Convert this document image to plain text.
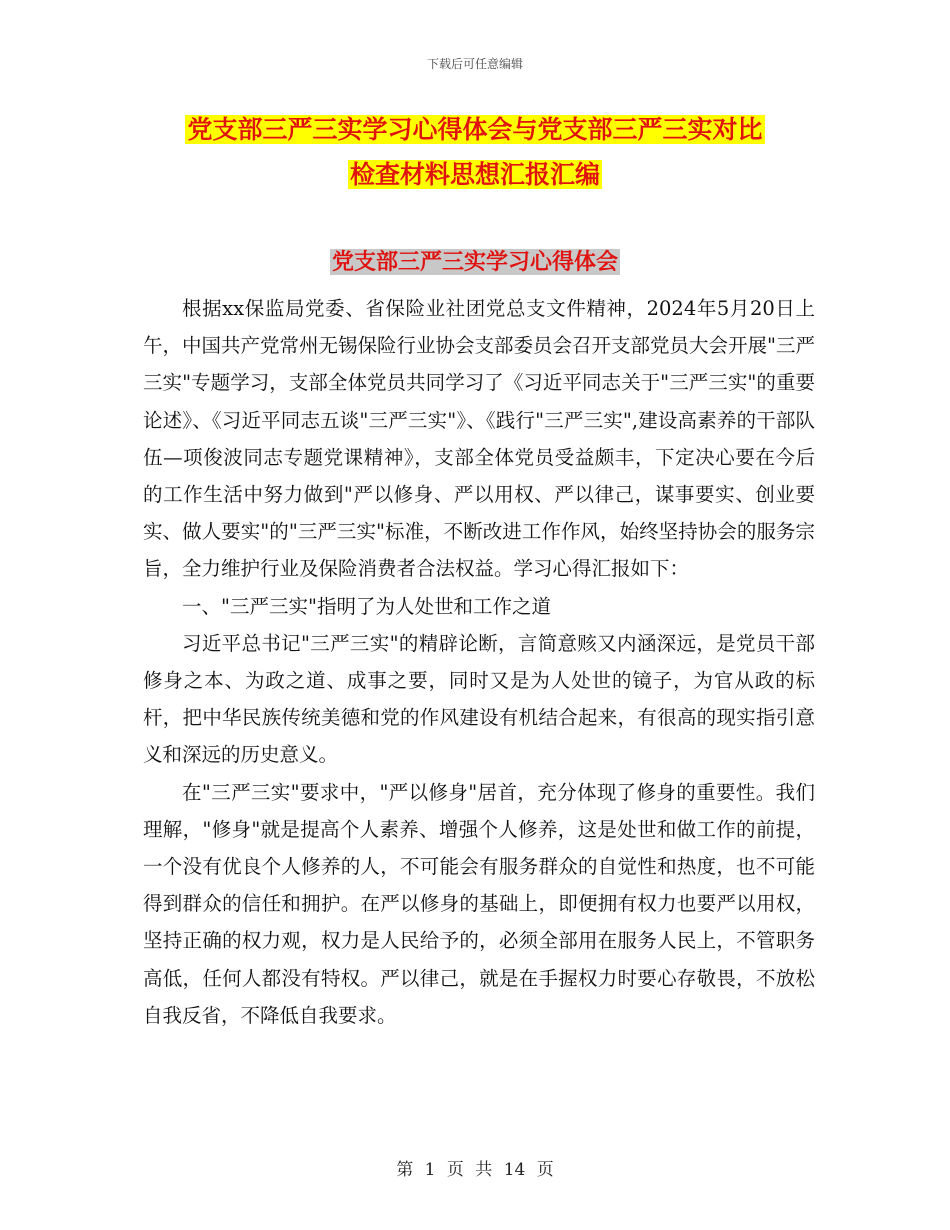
下载后可任意编辑
党支部三严三实学习心得体会与党支部三严三实对比
检查材料思想汇报汇编
党支部三严三实学习心得体会

根据xx保监局党委、省保险业社团党总支文件精神，2024年5月20日上午，中国共产党常州无锡保险行业协会支部委员会召开支部党员大会开展"三严三实"专题学习，支部全体党员共同学习了《习近平同志关于"三严三实"的重要论述》、《习近平同志五谈"三严三实"》、《践行"三严三实",建设高素养的干部队伍—项俊波同志专题党课精神》，支部全体党员受益颇丰，下定决心要在今后的工作生活中努力做到"严以修身、严以用权、严以律己，谋事要实、创业要实、做人要实"的"三严三实"标准，不断改进工作作风，始终坚持协会的服务宗旨，全力维护行业及保险消费者合法权益。学习心得汇报如下：

一、"三严三实"指明了为人处世和工作之道

习近平总书记"三严三实"的精辟论断，言简意赅又内涵深远，是党员干部修身之本、为政之道、成事之要，同时又是为人处世的镜子，为官从政的标杆，把中华民族传统美德和党的作风建设有机结合起来，有很高的现实指引意义和深远的历史意义。

在"三严三实"要求中，"严以修身"居首，充分体现了修身的重要性。我们理解，"修身"就是提高个人素养、增强个人修养，这是处世和做工作的前提，一个没有优良个人修养的人，不可能会有服务群众的自觉性和热度，也不可能得到群众的信任和拥护。在严以修身的基础上，即便拥有权力也要严以用权，坚持正确的权力观，权力是人民给予的，必须全部用在服务人民上，不管职务高低，任何人都没有特权。严以律己，就是在手握权力时要心存敬畏，不放松自我反省，不降低自我要求。

第 1 页 共 14 页
